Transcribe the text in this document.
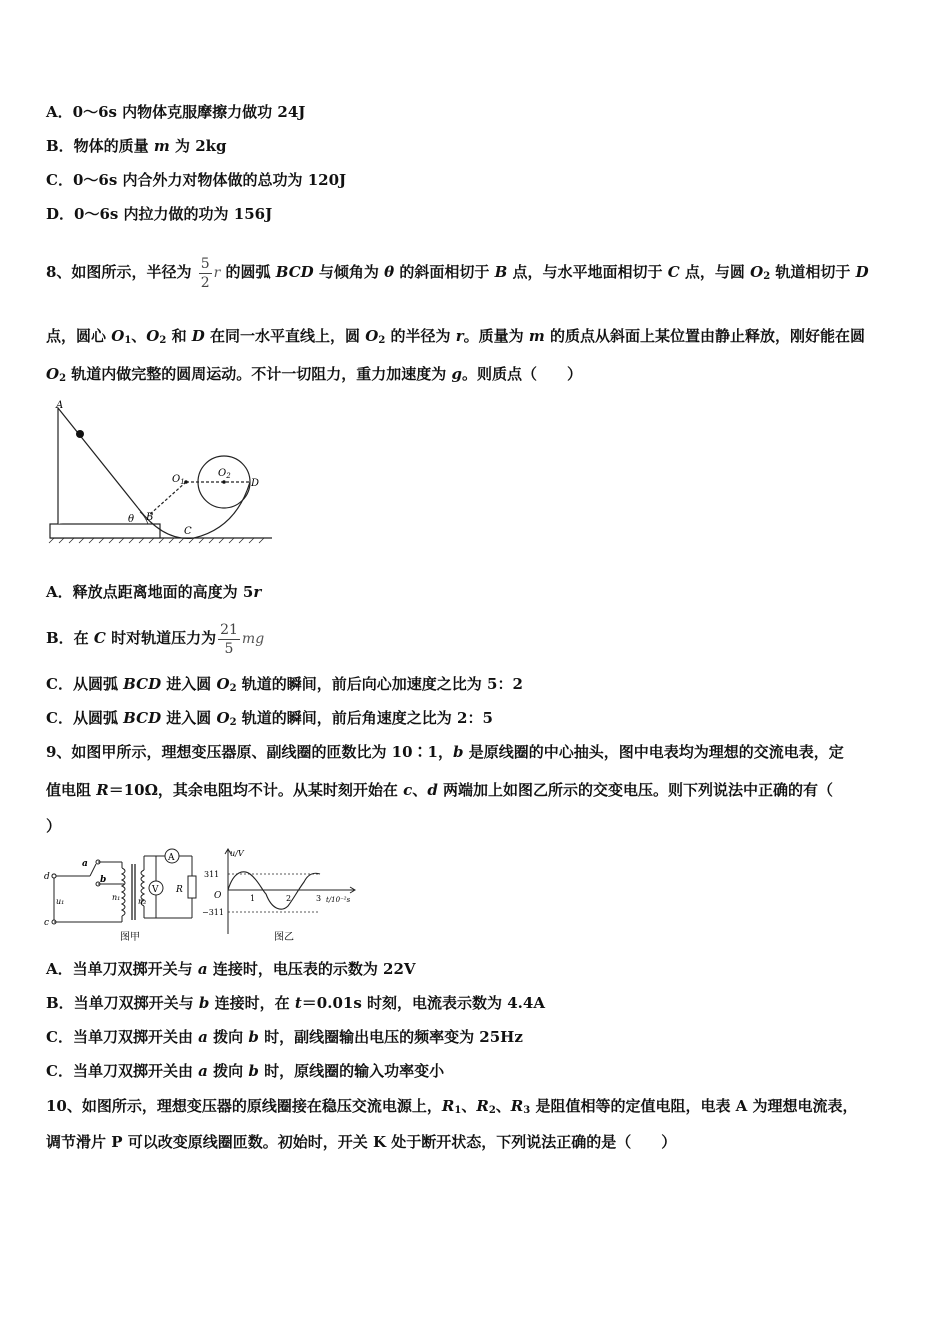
A．0～6s 内物体克服摩擦力做功 24J
B．物体的质量 m 为 2kg
C．0～6s 内合外力对物体做的总功为 120J
D．0～6s 内拉力做的功为 156J
8、如图所示，半径为 $\frac{5}{2}$ r 的圆弧 BCD 与倾角为 θ 的斜面相切于 B 点，与水平地面相切于 C 点，与圆 $O_2$ 轨道相切于 D
点，圆心 $O_1$、$O_2$ 和 D 在同一水平直线上，圆 $O_2$ 的半径为 r。质量为 m 的质点从斜面上某位置由静止释放，刚好能在圆
$O_2$ 轨道内做完整的圆周运动。不计一切阻力，重力加速度为 g。则质点（　　）
A
B
C
D
θ
$O_1$
$O_2$
A．释放点距离地面的高度为 5r
B．在 C 时对轨道压力为 $\frac{21}{5}$ mg
C．从圆弧 BCD 进入圆 $O_2$ 轨道的瞬间，前后向心加速度之比为 5：2
C．从圆弧 BCD 进入圆 $O_2$ 轨道的瞬间，前后角速度之比为 2：5
9、如图甲所示，理想变压器原、副线圈的匝数比为 10∶1，b 是原线圈的中心抽头，图中电表均为理想的交流电表，定
值电阻 R＝10Ω，其余电阻均不计。从某时刻开始在 c、d 两端加上如图乙所示的交变电压。则下列说法中正确的有（
）
d
c
u₁
a
b
n₁ n₂
A
V R
图甲
u/V
311
O
−311
1	2	3 t/10⁻²s
图乙
A．当单刀双掷开关与 a 连接时，电压表的示数为 22V
B．当单刀双掷开关与 b 连接时，在 t＝0.01s 时刻，电流表示数为 4.4A
C．当单刀双掷开关由 a 拨向 b 时，副线圈输出电压的频率变为 25Hz
C．当单刀双掷开关由 a 拨向 b 时，原线圈的输入功率变小
10、如图所示，理想变压器的原线圈接在稳压交流电源上，$R_1$、$R_2$、$R_3$ 是阻值相等的定值电阻，电表 A 为理想电流表，
调节滑片 P 可以改变原线圈匝数。初始时，开关 K 处于断开状态，下列说法正确的是（　　）
